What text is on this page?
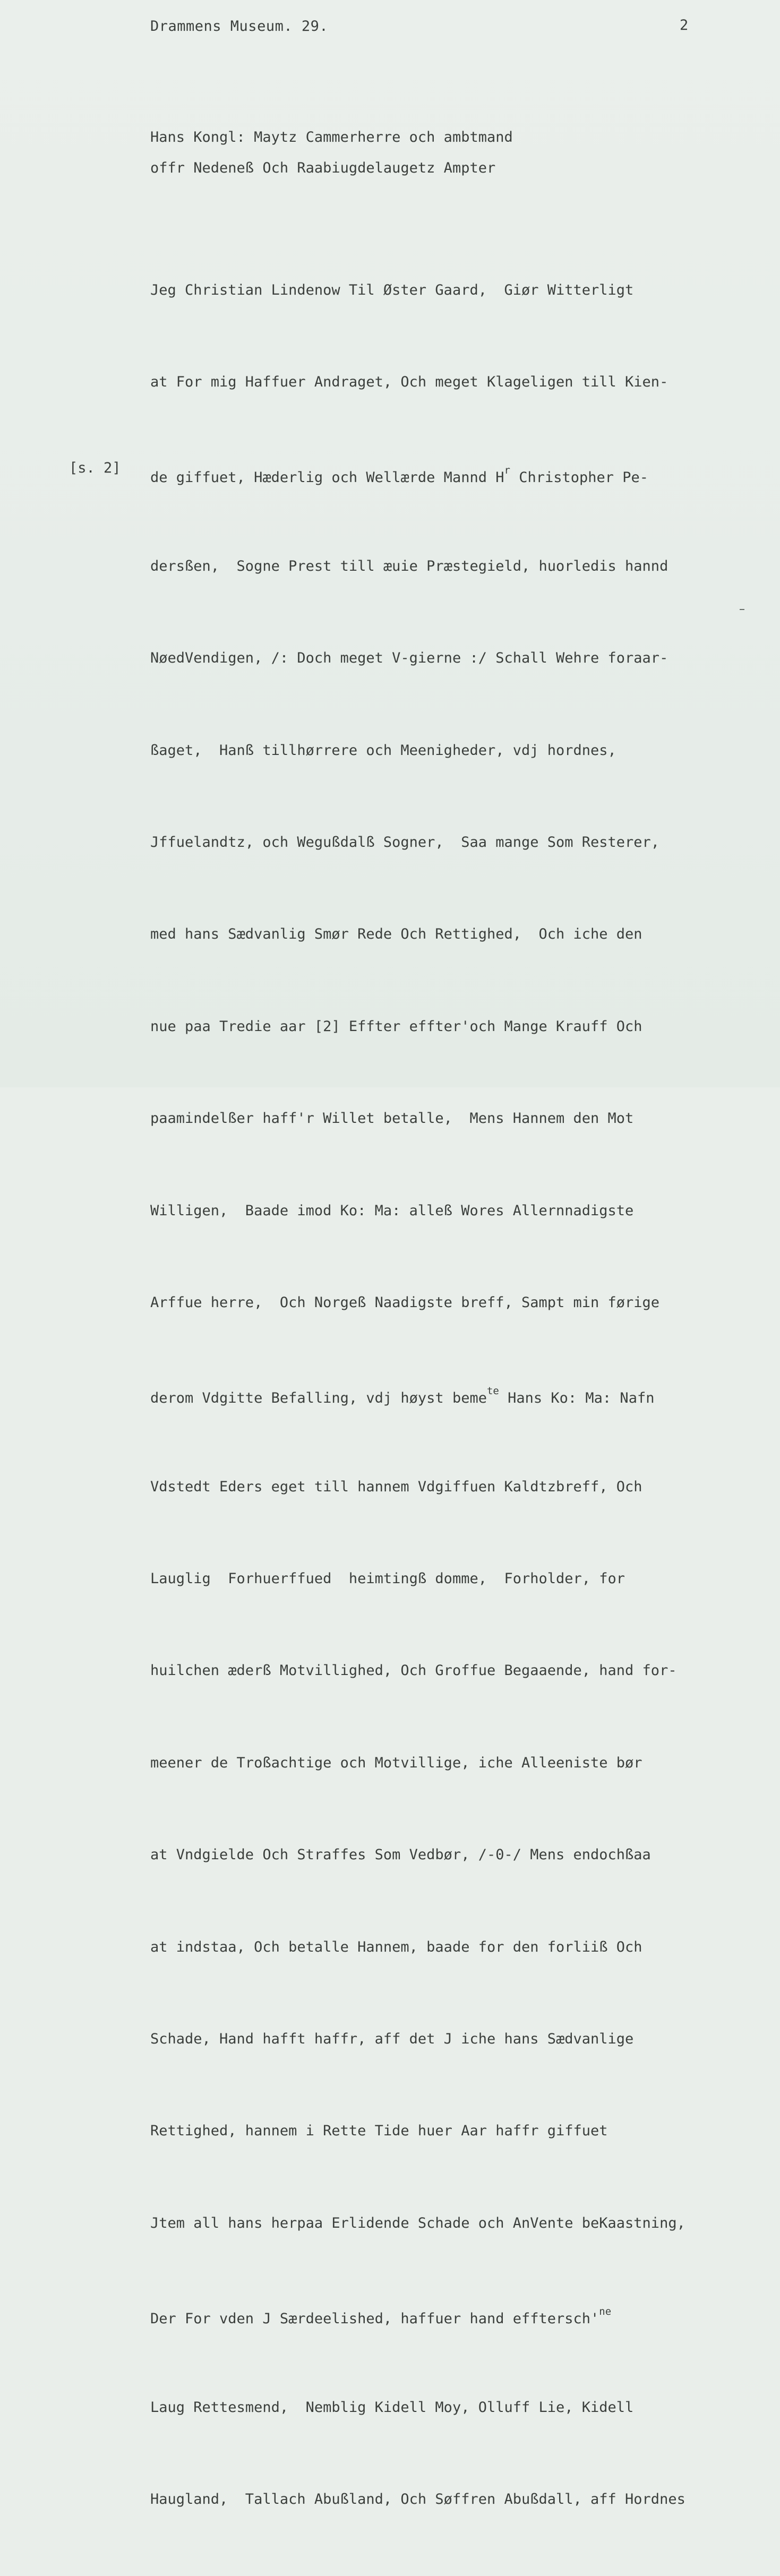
Drammens Museum. 29.	2
Hans Kongl: Maytz Cammerherre och ambtmand
offr Nedeneß Och Raabiugdelaugetz Ampter
[s. 2]

Jeg Christian Lindenow Til Øster Gaard,  Giør Witterligt

at For mig Haffuer Andraget, Och meget Klageligen till Kien-

de giffuet, Hæderlig och Wellærde Mannd $H^r$ Christopher Pe-

dersßen,  Sogne Prest till æuie Præstegield, huorledis hannd

NøedVendigen, /: Doch meget V-gierne :/ Schall Wehre foraar-

ßaget,  Hanß tillhørrere och Meenigheder, vdj hordnes,

Jffuelandtz, och Wegußdalß Sogner,  Saa mange Som Resterer,

med hans Sædvanlig Smør Rede Och Rettighed,  Och iche den

nue paa Tredie aar [2] Effter effter'och Mange Krauff Och

paamindelßer haff'r Willet betalle,  Mens Hannem den Mot

Willigen,  Baade imod Ko: Ma: alleß Wores Allernnadigste

Arffue herre,  Och Norgeß Naadigste breff, Sampt min førige

derom Vdgitte Befalling, vdj høyst beme$^{te}$ Hans Ko: Ma: Nafn

Vdstedt Eders eget till hannem Vdgiffuen Kaldtzbreff, Och

Lauglig  Forhuerffued  heimtingß domme,  Forholder, for

huilchen æderß Motvillighed, Och Groffue Begaaende, hand for-

meener de Troßachtige och Motvillige, iche Alleeniste bør

at Vndgielde Och Straffes Som Vedbør, /-0-/ Mens endochßaa

at indstaa, Och betalle Hannem, baade for den forliiß Och

Schade, Hand hafft haffr, aff det J iche hans Sædvanlige

Rettighed, hannem i Rette Tide huer Aar haffr giffuet

Jtem all hans herpaa Erlidende Schade och AnVente beKaastning,

Der For vden J Særdeelished, haffuer hand $efftersch'^{ne}$

Laug Rettesmend,  Nemblig Kidell Moy, Olluff Lie, Kidell

Haugland,  Tallach Abußland, Och Søffren Abußdall, aff Hordnes
